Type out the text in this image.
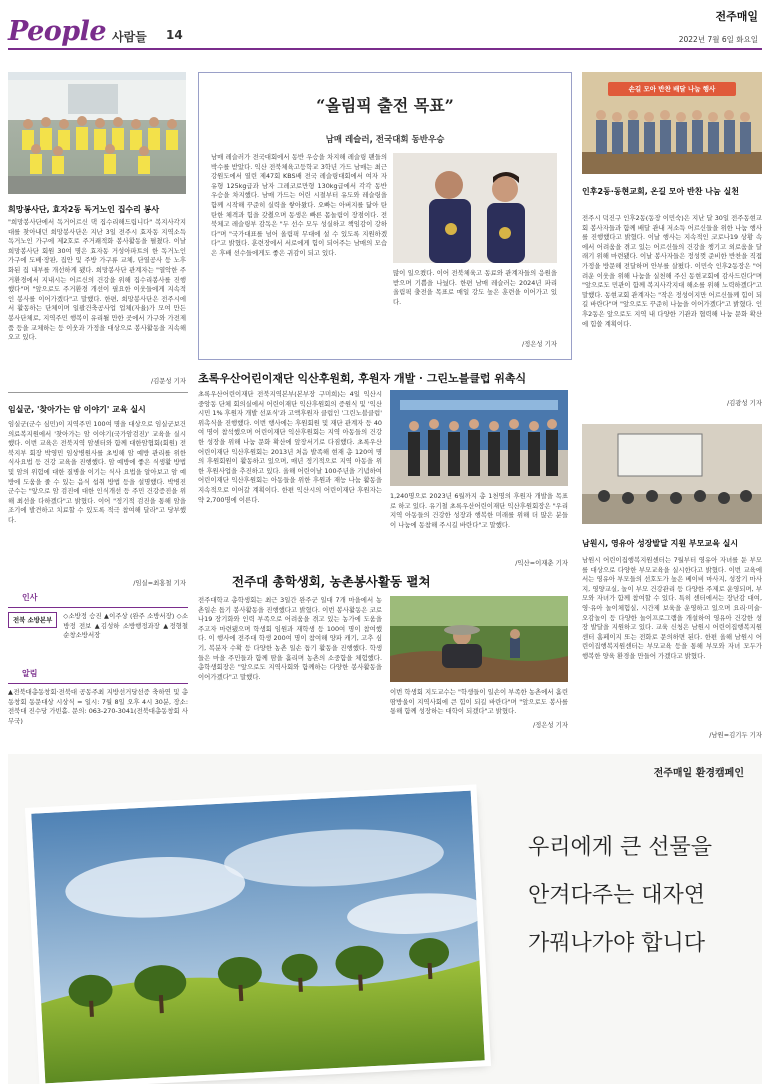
People 사람들 14
전주매일
2022년 7월 6일 화요일
희망봉사단, 효자2동 독거노인 집수리 봉사

"희망봉사단에서 독거어르신 댁 집수리해드립니다" 복지사각지대를 찾아내던 희망봉사단은 지난 3일 전주시 효자동 지역소득 독거노인 가구에 제2호로 주거쾌적화 봉사활동을 펼쳤다. 이날 희망봉사단 회원 30여 명은 효자동 거성아파트의 한 독거노인 가구에 도배·장판, 집안 및 주방 가구류 교체, 단열공사 등 노후화된 집 내부를 개선하게 됐다. 희망봉사단 관계자는 "열악한 주거환경에서 지내시는 어르신의 건강을 위해 집수리봉사를 진행했다"며 "앞으로도 주거환경 개선이 필요한 이웃들에게 지속적인 봉사를 이어가겠다"고 말했다. 한편, 희망봉사단은 전주시에서 활동하는 단체이며 일괄건축공사업 업체(자율)가 모여 만든 봉사단체로, 지역주민 행복이 유리될 만한 곳에서 가구와 가전제품 등을 교체하는 등 이웃과 가정을 대상으로 봉사활동을 지속해 오고 있다.

/김문성 기자
임실군, '찾아가는 암 이야기' 교육 실시

임실군(군수 심민)이 지역주민 100여 명을 대상으로 임실군보건의료복지원에서 '찾아가는 암 이야기(국가암검진)' 교육을 실시했다. 이번 교육은 전북지역 암센터와 함께 대한암협회(회원) 전북지부 회장 박영민 임상병원사를 초빙해 암 예방 관리를 위한 식사요법 등 건강 교육을 진행했다. 암 예방에 좋은 식생활 방법 및 암의 위험에 대한 질병을 이기는 식사 요법을 알아보고 암 예방에 도움을 줄 수 있는 음식 섭취 방법 등을 설명했다. 박병진 군수는 "앞으로 암 검진에 대한 인식개선 등 주민 건강증진을 위해 최선을 다하겠다"고 밝혔다. 이어 "정기적 검진을 통해 암을 조기에 발견하고 치료할 수 있도록 적극 참여해 달라"고 당부했다.

/임실=최홍철 기자
인사
전북 소방본부	◇소방정 승진 ▲이주상 (완주 소방서장) ◇소방정 전보 ▲김성하 소방행정과장 ▲정형철 순창소방서장

알림

▲전북대총동창회·전북대 공동주최 지방선거당선증 축하연 및 총동창회 동문대상 시상식 = 일시: 7월 8일 오후 4시 30분, 장소: 전북대 진수당 가빈홀. 문의: 063-270-3041(전북대총동창회 사무국)

“올림픽 출전 목표”
남매 레슬러, 전국대회 동반우승

남매 레슬러가 전국대회에서 동반 우승을 차지해 레슬링 팬들의 박수를 받았다. 익산 전북체육고등학교 3학년 가드 남매는 최근 강원도에서 열린 제47회 KBS배 전국 레슬링대회에서 여자 자유형 125kg급과 남자 그레코로만형 130kg급에서 각각 동반 우승을 차지했다. 남매 가드는 어린 시절부터 유도와 레슬링을 함께 시작해 꾸준히 실력을 쌓아왔다. 오빠는 아버지를 닮아 탄탄한 체격과 힘을 갖췄으며 동생은 빠른 몸놀림이 장점이다. 전북체고 레슬링부 감독은 "두 선수 모두 성실하고 책임감이 강하다"며 "국가대표를 넘어 올림픽 무대에 설 수 있도록 지원하겠다"고 밝혔다. 훈련장에서 서로에게 힘이 되어주는 남매의 모습은 후배 선수들에게도 좋은 귀감이 되고 있다.

많이 일으켰다. 이어 전북체육고 동료와 관계자들의 응원을 받으며 기쁨을 나눴다. 한편 남매 레슬러는 2024년 파리 올림픽 출전을 목표로 매일 강도 높은 훈련을 이어가고 있다.

/정은성 기자
초록우산어린이재단 익산후원회, 후원자 개발 · 그린노블클럽 위촉식

초록우산어린이재단 전북지역본부(본부장 구미희)는 4일 익산시 중앙동 단체 회의실에서 어린이재단 익산후원회의 증원식 및 '익산시민 1% 후원자 개발 선포식'과 고액후원자 클럽인 '그린노블클럽' 위촉식을 진행했다. 이번 행사에는 후원회원 및 재단 관계자 등 40여 명이 참석했으며 어린이재단 익산후원회는 지역 아동들의 건강한 성장을 위해 나눔 문화 확산에 앞장서기로 다짐했다. 초록우산어린이재단 익산후원회는 2013년 처음 발족해 현재 총 120여 명의 후원회원이 활동하고 있으며, 매년 정기적으로 지역 아동을 위한 후원사업을 추진하고 있다. 올해 어린이날 100주년을 기념하여 어린이재단 익산후원회는 아동들을 위한 후원과 재능 나눔 활동을 지속적으로 이어갈 계획이다. 한편 익산시의 어린이재단 후원자는 약 2,700명에 이른다.	1,240명으로 2023년 6월까지 총 1천명의 후원자 개발을 목표로 하고 있다. 유기철 초록우산어린이재단 익산후원회장은 "우리 지역 아동들의 건강한 성장과 행복한 미래를 위해 더 많은 분들이 나눔에 동참해 주시길 바란다"고 말했다.

/익산=이재춘 기자
전주대 총학생회, 농촌봉사활동 펼쳐

전주대학교 총학생회는 최근 3일간 완주군 일대 7개 마을에서 농촌일손 돕기 봉사활동을 진행했다고 밝혔다. 이번 봉사활동은 코로나19 장기화와 인력 부족으로 어려움을 겪고 있는 농가에 도움을 주고자 마련됐으며 학생회 임원과 재학생 등 100여 명이 참여했다. 이 행사에 전주대 학생 200여 명이 참여해 양파 캐기, 고추 심기, 복분자 수확 등 다양한 농촌 일손 돕기 활동을 진행했다. 학생들은 마을 주민들과 함께 땀을 흘리며 농촌의 소중함을 체험했다. 총학생회장은 "앞으로도 지역사회와 함께하는 다양한 봉사활동을 이어가겠다"고 말했다.

이번 학생회 지도교수는 "학생들이 일손이 부족한 농촌에서 흘린 땀방울이 지역사회에 큰 힘이 되길 바란다"며 "앞으로도 봉사를 통해 함께 성장하는 대학이 되겠다"고 밝혔다.

/정은성 기자
손길 모아 반찬 배달 나눔 행사
인후2동·동현교회, 온길 모아 반찬 나눔 실천

전주시 덕진구 인후2동(동장 이민숙)은 지난 달 30일 전주동현교회 봉사자들과 함께 배달 관내 저소득 어르신들을 위한 나눔 행사를 진행했다고 밝혔다. 이날 행사는 지속적인 코로나19 상황 속에서 어려움을 겪고 있는 어르신들의 건강을 챙기고 외로움을 달래기 위해 마련됐다. 이날 봉사자들은 정성껏 준비한 반찬을 직접 가정을 방문해 전달하며 안부를 살폈다. 이민숙 인후2동장은 "어려운 이웃을 위해 나눔을 실천해 주신 동현교회에 감사드린다"며 "앞으로도 민관이 함께 복지사각지대 해소를 위해 노력하겠다"고 말했다. 동현교회 관계자는 "작은 정성이지만 어르신들께 힘이 되길 바란다"며 "앞으로도 꾸준히 나눔을 이어가겠다"고 밝혔다. 인후2동은 앞으로도 지역 내 다양한 기관과 협력해 나눔 문화 확산에 힘쓸 계획이다.

/김광성 기자
남원시, 영유아 성장발달 지원 부모교육 실시

남원시 어린이집행복지원센터는 7월부터 영유아 자녀를 둔 부모를 대상으로 다양한 부모교육을 실시한다고 밝혔다. 이번 교육에서는 영유아 부모들의 선호도가 높은 베이비 마사지, 성장기 마사지, 영양교실, 놀이 부모 건강관리 등 다양한 주제로 운영되며, 부모와 자녀가 함께 참여할 수 있다. 특히 센터에서는 장난감 대여, 영·유아 놀이체험실, 시간제 보육을 운영하고 있으며 요리·미술·오감놀이 등 다양한 놀이프로그램을 개설하여 영유아 건강한 성장 발달을 지원하고 있다. 교육 신청은 남원시 어린이집행복지원센터 홈페이지 또는 전화로 문의하면 된다. 한편 올해 남원시 어린이집행복지원센터는 부모교육 등을 통해 부모와 자녀 모두가 행복한 양육 환경을 만들어 가겠다고 밝혔다.

/남원=김기두 기자
전주매일 환경캠페인
우리에게 큰 선물을
안겨다주는 대자연
가꿔나가야 합니다
